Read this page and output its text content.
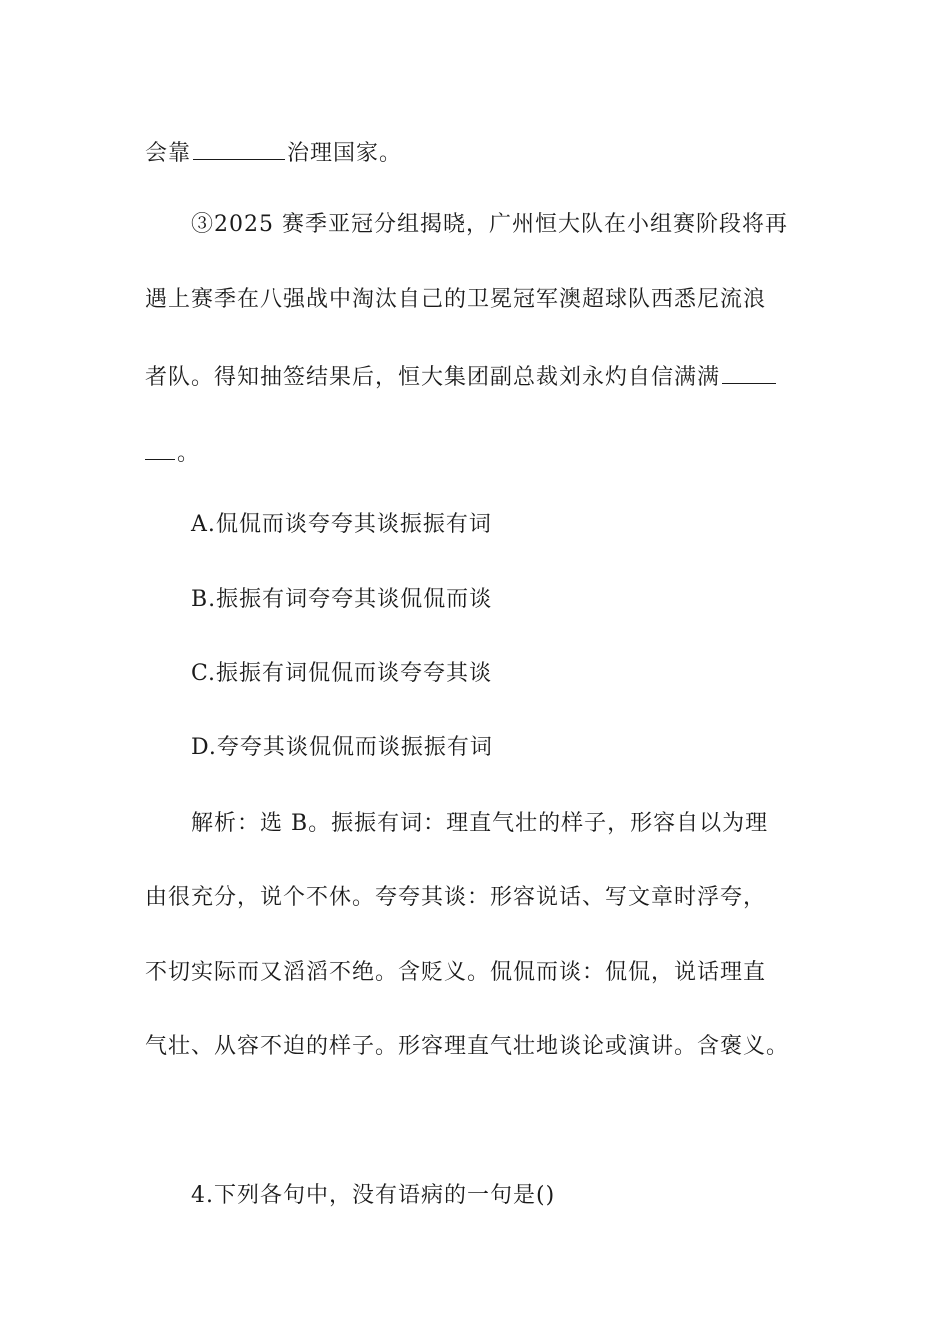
会靠	治理国家。
③2025 赛季亚冠分组揭晓，广州恒大队在小组赛阶段将再
遇上赛季在八强战中淘汰自己的卫冕冠军澳超球队西悉尼流浪
者队。得知抽签结果后，恒大集团副总裁刘永灼自信满满
。
A.侃侃而谈夸夸其谈振振有词
B.振振有词夸夸其谈侃侃而谈
C.振振有词侃侃而谈夸夸其谈
D.夸夸其谈侃侃而谈振振有词
解析：选 B。振振有词：理直气壮的样子，形容自以为理
由很充分，说个不休。夸夸其谈：形容说话、写文章时浮夸，
不切实际而又滔滔不绝。含贬义。侃侃而谈：侃侃，说话理直
气壮、从容不迫的样子。形容理直气壮地谈论或演讲。含褒义。
4.下列各句中，没有语病的一句是()
